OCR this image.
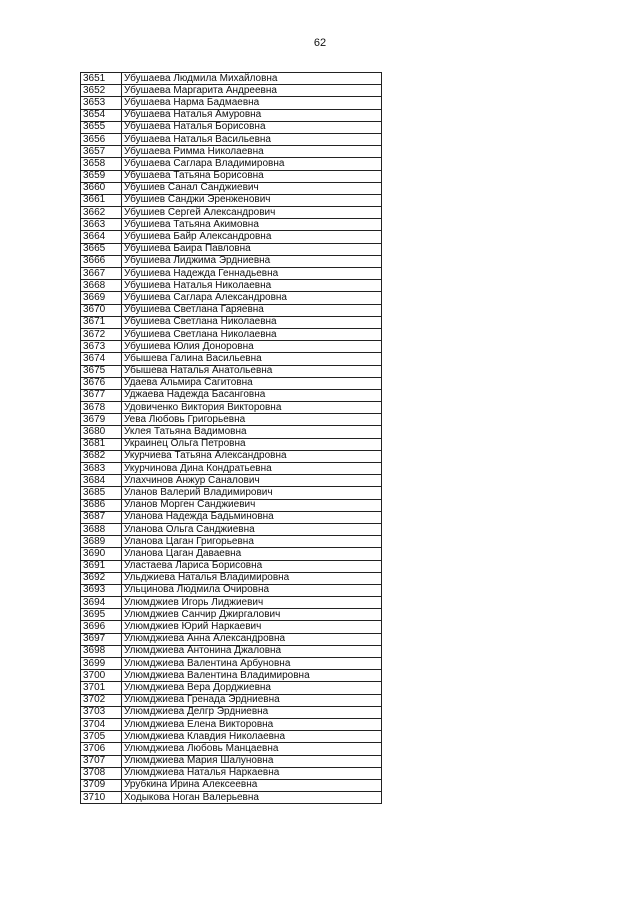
62
3651	Убушаева Людмила Михайловна
3652	Убушаева Маргарита Андреевна
3653	Убушаева Нарма Бадмаевна
3654	Убушаева Наталья Амуровна
3655	Убушаева Наталья Борисовна
3656	Убушаева Наталья Васильевна
3657	Убушаева Римма Николаевна
3658	Убушаева Саглара Владимировна
3659	Убушаева Татьяна Борисовна
3660	Убушиев Санал Санджиевич
3661	Убушиев Санджи Эренженович
3662	Убушиев Сергей Александрович
3663	Убушиева Татьяна Акимовна
3664	Убушиева Байр Александровна
3665	Убушиева Баира Павловна
3666	Убушиева Лиджима Эрдниевна
3667	Убушиева Надежда Геннадьевна
3668	Убушиева Наталья Николаевна
3669	Убушиева Саглара Александровна
3670	Убушиева Светлана Гаряевна
3671	Убушиева Светлана Николаевна
3672	Убушиева Светлана Николаевна
3673	Убушиева Юлия Доноровна
3674	Убышева Галина Васильевна
3675	Убышева Наталья Анатольевна
3676	Удаева Альмира Сагитовна
3677	Уджаева Надежда Басанговна
3678	Удовиченко Виктория Викторовна
3679	Уева Любовь Григорьевна
3680	Уклея Татьяна Вадимовна
3681	Украинец Ольга Петровна
3682	Укурчиева Татьяна Александровна
3683	Укурчинова Дина Кондратьевна
3684	Улахчинов Анжур Саналович
3685	Уланов Валерий Владимирович
3686	Уланов Морген Санджиевич
3687	Уланова Надежда Бадьминовна
3688	Уланова Ольга Санджиевна
3689	Уланова Цаган Григорьевна
3690	Уланова Цаган Даваевна
3691	Уластаева Лариса Борисовна
3692	Ульджиева Наталья Владимировна
3693	Ульцинова Людмила Очировна
3694	Улюмджиев Игорь Лиджиевич
3695	Улюмджиев Санчир Джиргалович
3696	Улюмджиев Юрий Наркаевич
3697	Улюмджиева Анна Александровна
3698	Улюмджиева Антонина Джаловна
3699	Улюмджиева Валентина Арбуновна
3700	Улюмджиева Валентина Владимировна
3701	Улюмджиева Вера Дорджиевна
3702	Улюмджиева Гренада Эрдниевна
3703	Улюмджиева Делгр Эрдниевна
3704	Улюмджиева Елена Викторовна
3705	Улюмджиева Клавдия Николаевна
3706	Улюмджиева Любовь Манцаевна
3707	Улюмджиева Мария Шалуновна
3708	Улюмджиева Наталья Наркаевна
3709	Урубкина Ирина Алексеевна
3710	Ходыкова Ноган Валерьевна
